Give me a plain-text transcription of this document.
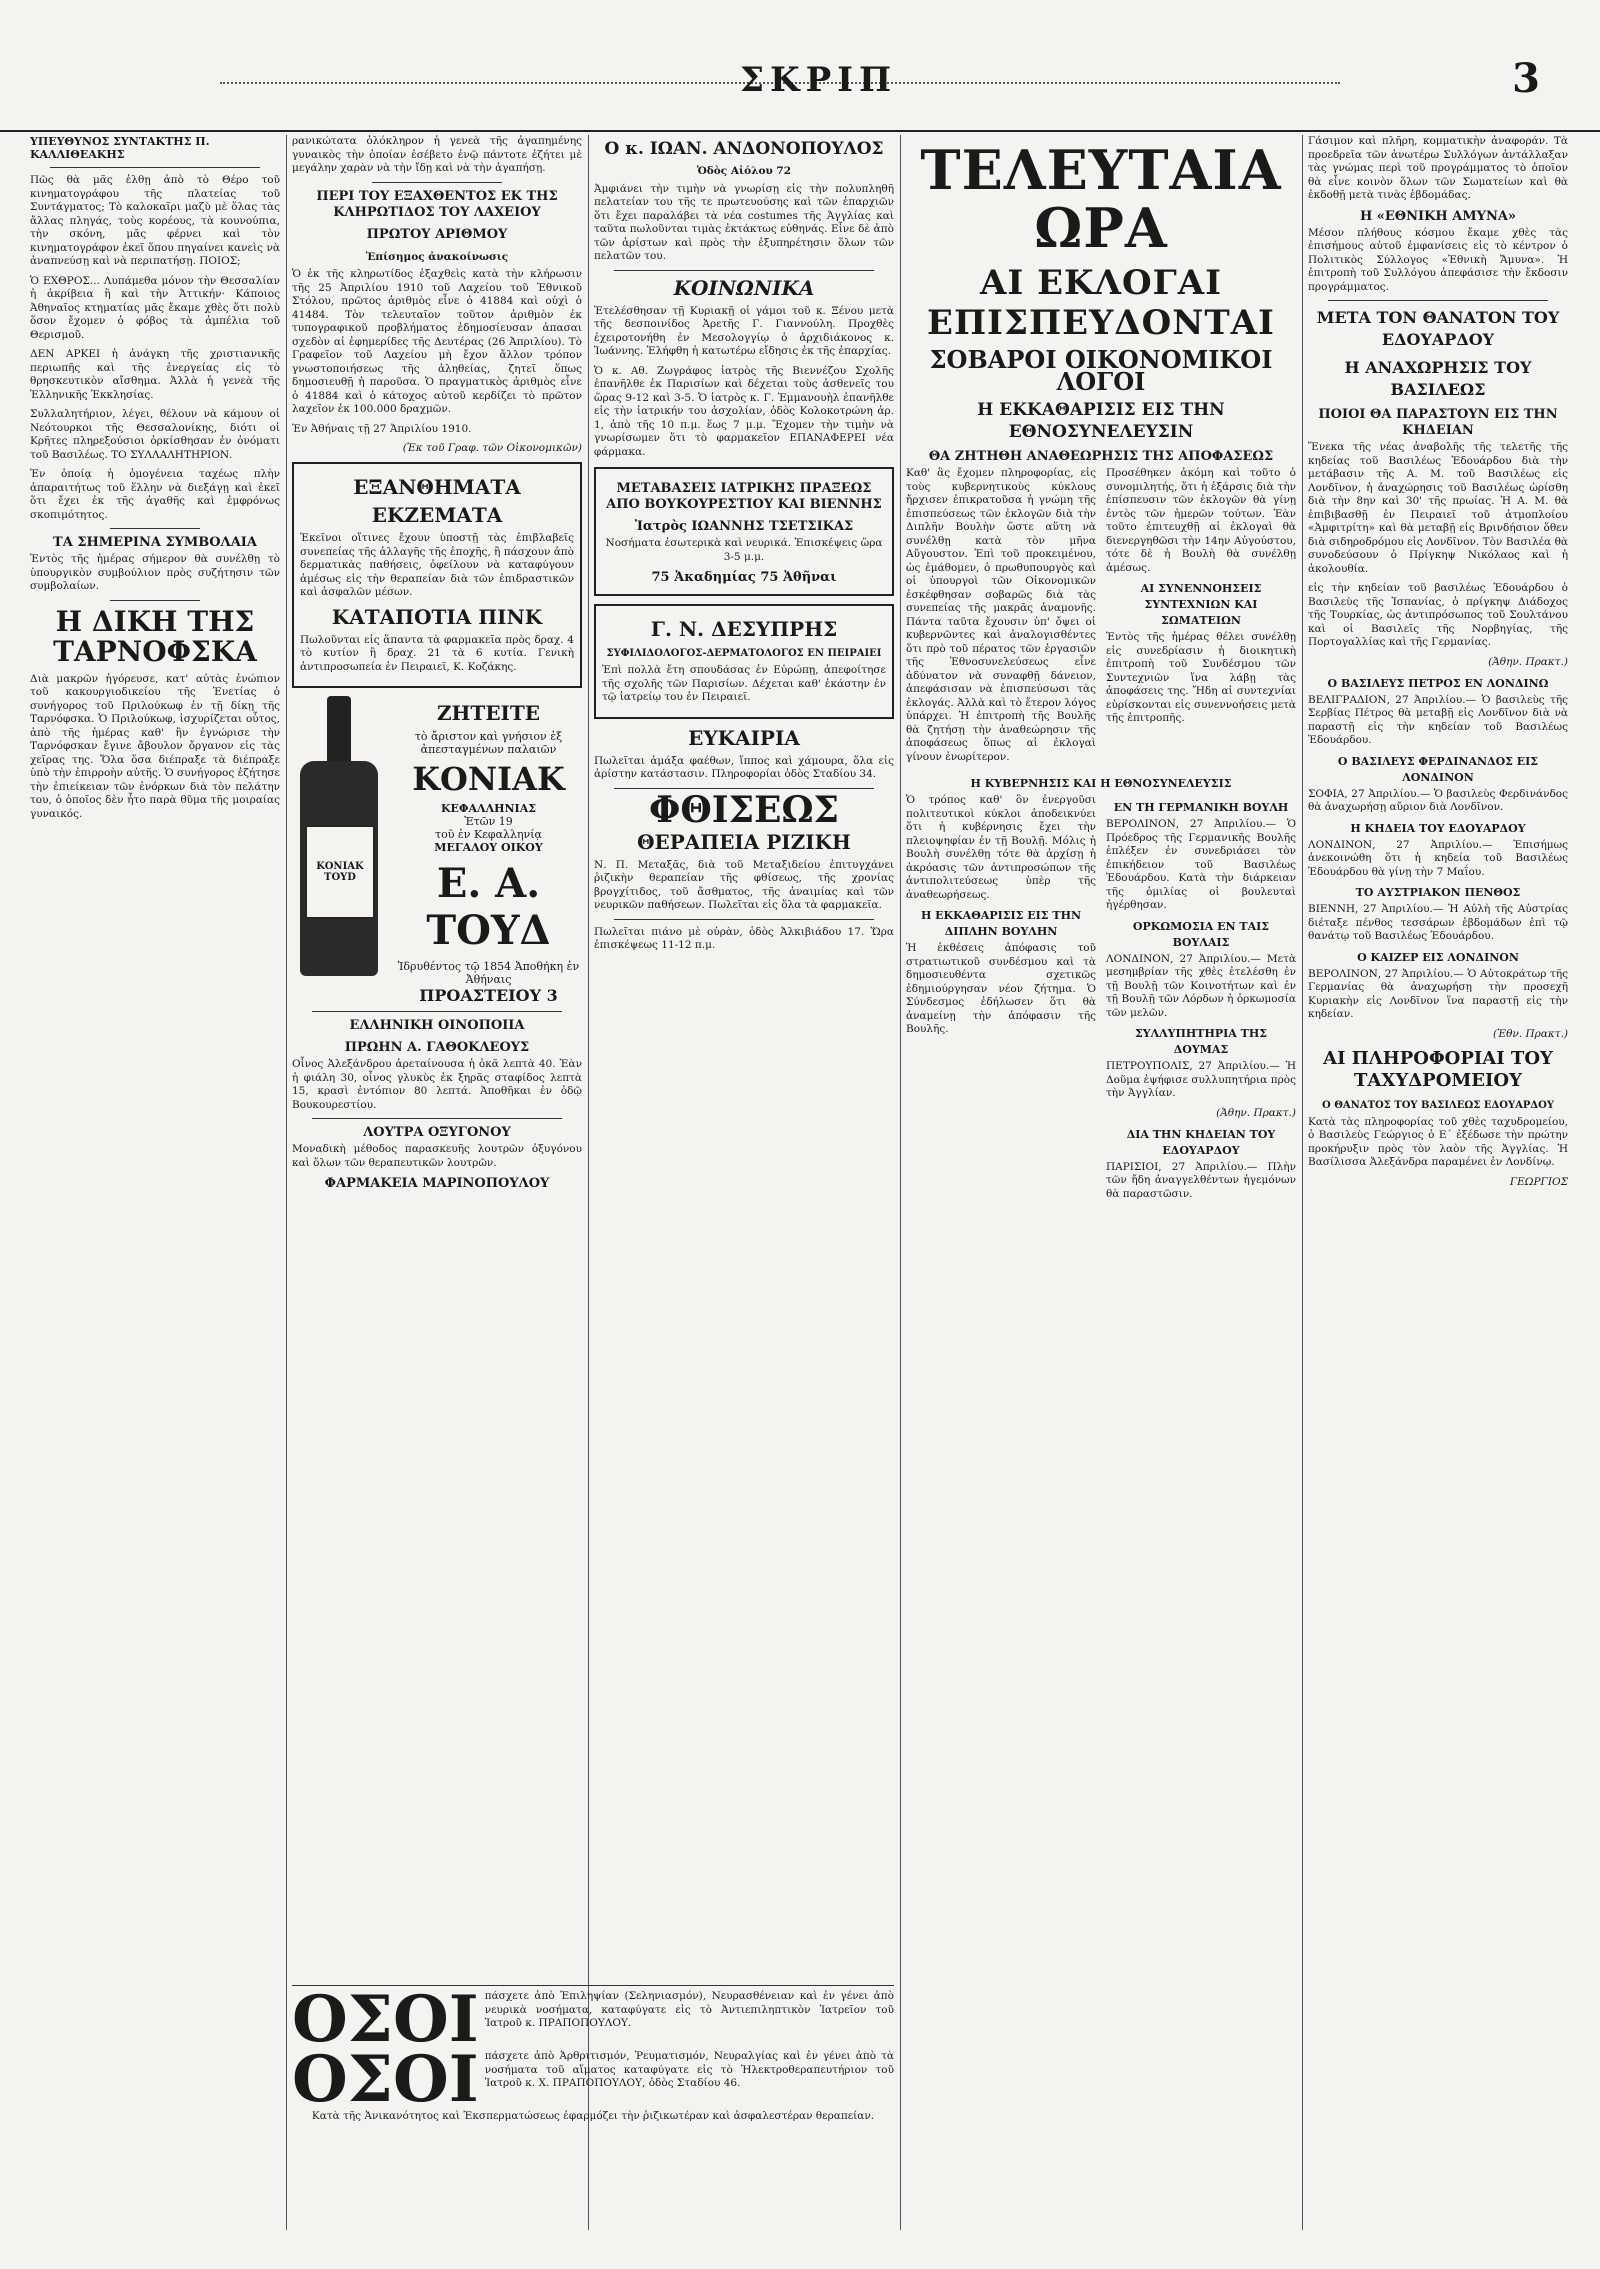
ΣΚΡΙΠ	3
ΥΠΕΥΘΥΝΟΣ ΣΥΝΤΑΚΤΗΣ Π. ΚΑΛΛΙΘΕΑΚΗΣ

Πῶς θὰ μᾶς ἐλθῃ ἀπὸ τὸ Θέρο τοῦ κινηματογράφου τῆς πλατείας τοῦ Συντάγματος; Τὸ καλοκαῖρι μαζὺ μὲ ὅλας τὰς ἄλλας πληγάς, τοὺς κορέους, τὰ κουνούπια, τὴν σκόνη, μᾶς φέρνει καὶ τὸν κινηματογράφον ἐκεῖ ὅπου πηγαίνει κανεὶς νὰ ἀναπνεύσῃ καὶ νὰ περιπατήσῃ. ΠΟΙΟΣ;

Ὁ ΕΧΘΡΟΣ... Λυπάμεθα μόνον τὴν Θεσσαλίαν ἡ ἀκρίβεια ἢ καὶ τὴν Ἀττικήν· Κάποιος Ἀθηναῖος κτηματίας μᾶς ἔκαμε χθὲς ὅτι πολὺ ὅσον ἔχομεν ὁ φόβος τὰ ἀμπέλια τοῦ Θερισμοῦ.

ΔΕΝ ΑΡΚΕΙ ἡ ἀνάγκη τῆς χριστιανικῆς περιωπῆς καὶ τῆς ἐνεργείας εἰς τὸ θρησκευτικὸν αἴσθημα. Ἀλλὰ ἡ γενεὰ τῆς Ἑλληνικῆς Ἐκκλησίας.

Συλλαλητήριον, λέγει, θέλουν νὰ κάμουν οἱ Νεότουρκοι τῆς Θεσσαλονίκης, διότι οἱ Κρῆτες πληρεξούσιοι ὁρκίσθησαν ἐν ὀνόματι τοῦ Βασιλέως. ΤΟ ΣΥΛΛΑΛΗΤΗΡΙΟΝ.

Ἐν ὁποίᾳ ἡ ὁμογένεια ταχέως πλὴν ἀπαραιτήτως τοῦ ἕλλην νὰ διεξάγῃ καὶ ἐκεῖ ὅτι ἔχει ἐκ τῆς ἀγαθῆς καὶ ἐμφρόνως σκοπιμότητος.

ΤΑ ΣΗΜΕΡΙΝΑ ΣΥΜΒΟΛΑΙΑ

Ἐντὸς τῆς ἡμέρας σήμερον θὰ συνέλθῃ τὸ ὑπουργικὸν συμβούλιον πρὸς συζήτησιν τῶν συμβολαίων.

Η ΔΙΚΗ ΤΗΣ ΤΑΡΝΟΦΣΚΑ

Διὰ μακρῶν ἠγόρευσε, κατ' αὐτὰς ἐνώπιον τοῦ κακουργιοδικείου τῆς Ἐνετίας ὁ συνήγορος τοῦ Πριλούκωφ ἐν τῇ δίκῃ τῆς Ταρνόφσκα. Ὁ Πριλούκωφ, ἰσχυρίζεται οὗτος, ἀπὸ τῆς ἡμέρας καθ' ἣν ἐγνώρισε τὴν Ταρνόφσκαν ἔγινε ἄβουλον ὄργανον εἰς τὰς χεῖρας της. Ὅλα ὅσα διέπραξε τὰ διέπραξε ὑπὸ τὴν ἐπιρροὴν αὐτῆς. Ὁ συνήγορος ἐζήτησε τὴν ἐπιείκειαν τῶν ἐνόρκων διὰ τὸν πελάτην του, ὁ ὁποῖος δὲν ἦτο παρὰ θῦμα τῆς μοιραίας γυναικός.

ρανικώτατα ὁλόκληρον ἡ γενεὰ τῆς ἀγαπημένης γυναικὸς τὴν ὁποίαν ἐσέβετο ἐνῷ πάντοτε ἐζήτει μὲ μεγάλην χαρὰν νὰ τὴν ἴδῃ καὶ νὰ τὴν ἀγαπήσῃ.

ΠΕΡΙ ΤΟΥ ΕΞΑΧΘΕΝΤΟΣ ΕΚ ΤΗΣ ΚΛΗΡΩΤΙΔΟΣ ΤΟΥ ΛΑΧΕΙΟΥ
ΠΡΩΤΟΥ ΑΡΙΘΜΟΥ
Ἐπίσημος ἀνακοίνωσις

Ὁ ἐκ τῆς κληρωτίδος ἐξαχθεὶς κατὰ τὴν κλήρωσιν τῆς 25 Ἀπριλίου 1910 τοῦ Λαχείου τοῦ Ἐθνικοῦ Στόλου, πρῶτος ἀριθμὸς εἶνε ὁ 41884 καὶ οὐχὶ ὁ 41484. Τὸν τελευταῖον τοῦτον ἀριθμὸν ἐκ τυπογραφικοῦ προβλήματος ἐδημοσίευσαν ἀπασαι σχεδὸν αἱ ἐφημερίδες τῆς Δευτέρας (26 Ἀπριλίου). Τὸ Γραφεῖον τοῦ Λαχείου μὴ ἔχον ἄλλον τρόπον γνωστοποιήσεως τῆς ἀληθείας, ζητεῖ ὅπως δημοσιευθῇ ἡ παροῦσα. Ὁ πραγματικὸς ἀριθμὸς εἶνε ὁ 41884 καὶ ὁ κάτοχος αὐτοῦ κερδίζει τὸ πρῶτον λαχεῖον ἐκ 100.000 δραχμῶν.

Ἐν Ἀθήναις τῇ 27 Ἀπριλίου 1910.
(Ἐκ τοῦ Γραφ. τῶν Οἰκονομικῶν)
ΕΞΑΝΘΗΜΑΤΑ
ΕΚΖΕΜΑΤΑ

Ἐκεῖνοι οἵτινες ἔχουν ὑποστῇ τὰς ἐπιβλαβεῖς συνεπείας τῆς ἀλλαγῆς τῆς ἐποχῆς, ἢ πάσχουν ἀπὸ δερματικὰς παθήσεις, ὀφείλουν νὰ καταφύγουν ἀμέσως εἰς τὴν θεραπείαν διὰ τῶν ἐπιδραστικῶν καὶ ἀσφαλῶν μέσων.

ΚΑΤΑΠΟΤΙΑ ΠΙΝΚ

Πωλοῦνται εἰς ἅπαντα τὰ φαρμακεῖα πρὸς δραχ. 4 τὸ κυτίον ἢ δραχ. 21 τὰ 6 κυτία. Γενικὴ ἀντιπροσωπεία ἐν Πειραιεῖ, Κ. Κοζάκης.

KONIAK TOYD
ΖΗΤΕΙΤΕ
τὸ ἄριστον καὶ γνήσιον ἐξ ἀπεσταγμένων παλαιῶν
ΚΟΝΙΑΚ
ΚΕΦΑΛΛΗΝΙΑΣ
Ἐτῶν 19
τοῦ ἐν Κεφαλληνίᾳ
ΜΕΓΑΛΟΥ ΟΙΚΟΥ
Ε. Α. ΤΟΥΔ
Ἱδρυθέντος τῷ 1854 Ἀποθήκη ἐν Ἀθήναις
ΠΡΟΑΣΤΕΙΟΥ 3
ΕΛΛΗΝΙΚΗ ΟΙΝΟΠΟΙΙΑ
ΠΡΩΗΝ Α. ΓΑΘΟΚΛΕΟΥΣ

Οἶνος Ἀλεξάνδρου ἀρεταίνουσα ἡ ὀκᾶ λεπτὰ 40. Ἐὰν ἡ φιάλη 30, οἶνος γλυκὺς ἐκ ξηρᾶς σταφίδος λεπτὰ 15, κρασὶ ἐντόπιον 80 λεπτά. Ἀποθῆκαι ἐν ὁδῷ Βουκουρεστίου.

ΛΟΥΤΡΑ ΟΞΥΓΟΝΟΥ

Μοναδικὴ μέθοδος παρασκευῆς λουτρῶν ὀξυγόνου καὶ ὅλων τῶν θεραπευτικῶν λουτρῶν.

ΦΑΡΜΑΚΕΙΑ ΜΑΡΙΝΟΠΟΥΛΟΥ
Ο κ. ΙΩΑΝ. ΑΝΔΟΝΟΠΟΥΛΟΣ
Ὁδὸς Αἰόλου 72

Ἀμφιάνει τὴν τιμὴν νὰ γνωρίσῃ εἰς τὴν πολυπληθῆ πελατείαν του τῆς τε πρωτευούσης καὶ τῶν ἐπαρχιῶν ὅτι ἔχει παραλάβει τὰ νέα costumes τῆς Ἀγγλίας καὶ ταῦτα πωλοῦνται τιμὰς ἐκτάκτως εὐθηνάς. Εἶνε δὲ ἀπὸ τῶν ἀρίστων καὶ πρὸς τὴν ἐξυπηρέτησιν ὅλων τῶν πελατῶν του.

ΚΟΙΝΩΝΙΚΑ

Ἐτελέσθησαν τῇ Κυριακῇ οἱ γάμοι τοῦ κ. Ξένου μετὰ τῆς δεσποινίδος Ἀρετῆς Γ. Γιαννούλη. Προχθὲς ἐχειροτονήθη ἐν Μεσολογγίῳ ὁ ἀρχιδιάκονος κ. Ἰωάννης. Ἐλήφθη ἡ κατωτέρω εἴδησις ἐκ τῆς ἐπαρχίας.

Ὁ κ. Αθ. Ζωγράφος ἰατρὸς τῆς Βιεννέζου Σχολῆς ἐπανῆλθε ἐκ Παρισίων καὶ δέχεται τοὺς ἀσθενεῖς του ὥρας 9-12 καὶ 3-5. Ὁ ἰατρὸς κ. Γ. Ἐμμανουὴλ ἐπανῆλθε εἰς τὴν ἰατρικήν του ἀσχολίαν, ὁδὸς Κολοκοτρώνη ἀρ. 1, ἀπὸ τῆς 10 π.μ. ἕως 7 μ.μ. Ἔχομεν τὴν τιμὴν νὰ γνωρίσωμεν ὅτι τὸ φαρμακεῖον ΕΠΑΝΑΦΕΡΕΙ νέα φάρμακα.

ΜΕΤΑΒΑΣΕΙΣ ΙΑΤΡΙΚΗΣ ΠΡΑΞΕΩΣ ΑΠΟ ΒΟΥΚΟΥΡΕΣΤΙΟΥ ΚΑΙ ΒΙΕΝΝΗΣ
Ἰατρὸς ΙΩΑΝΝΗΣ ΤΣΕΤΣΙΚΑΣ

Νοσήματα ἐσωτερικὰ καὶ νευρικά. Ἐπισκέψεις ὥρα 3-5 μ.μ.

75 Ἀκαδημίας 75 Ἀθῆναι
Γ. Ν. ΔΕΣΥΠΡΗΣ
ΣΥΦΙΛΙΔΟΛΟΓΟΣ-ΔΕΡΜΑΤΟΛΟΓΟΣ ΕΝ ΠΕΙΡΑΙΕΙ

Ἐπὶ πολλὰ ἔτη σπουδάσας ἐν Εὐρώπῃ, ἀπεφοίτησε τῆς σχολῆς τῶν Παρισίων. Δέχεται καθ' ἑκάστην ἐν τῷ ἰατρείῳ του ἐν Πειραιεῖ.

ΕΥΚΑΙΡΙΑ

Πωλεῖται ἁμάξα φαέθων, ἵππος καὶ χάμουρα, ὅλα εἰς ἀρίστην κατάστασιν. Πληροφορίαι ὁδὸς Σταδίου 34.

ΦΘΙΣΕΩΣ
ΘΕΡΑΠΕΙΑ ΡΙΖΙΚΗ

Ν. Π. Μεταξᾶς, διὰ τοῦ Μεταξιδείου ἐπιτυγχάνει ῥιζικὴν θεραπείαν τῆς φθίσεως, τῆς χρονίας βρογχίτιδος, τοῦ ἄσθματος, τῆς ἀναιμίας καὶ τῶν νευρικῶν παθήσεων. Πωλεῖται εἰς ὅλα τὰ φαρμακεῖα.

Πωλεῖται πιάνο μὲ οὐρὰν, ὁδὸς Ἀλκιβιάδου 17. Ὥρα ἐπισκέψεως 11-12 π.μ.

ΤΕΛΕΥΤΑΙΑ ΩΡΑ
ΑΙ ΕΚΛΟΓΑΙ ΕΠΙΣΠΕΥΔΟΝΤΑΙ
ΣΟΒΑΡΟΙ ΟΙΚΟΝΟΜΙΚΟΙ ΛΟΓΟΙ
Η ΕΚΚΑΘΑΡΙΣΙΣ ΕΙΣ ΤΗΝ ΕΘΝΟΣΥΝΕΛΕΥΣΙΝ
ΘΑ ΖΗΤΗΘΗ ΑΝΑΘΕΩΡΗΣΙΣ ΤΗΣ ΑΠΟΦΑΣΕΩΣ

Καθ' ἃς ἔχομεν πληροφορίας, εἰς τοὺς κυβερνητικοὺς κύκλους ἤρχισεν ἐπικρατοῦσα ἡ γνώμη τῆς ἐπισπεύσεως τῶν ἐκλογῶν διὰ τὴν Διπλῆν Βουλὴν ὥστε αὕτη νὰ συνέλθῃ κατὰ τὸν μῆνα Αὔγουστον. Ἐπὶ τοῦ προκειμένου, ὡς ἐμάθομεν, ὁ πρωθυπουργὸς καὶ οἱ ὑπουργοὶ τῶν Οἰκονομικῶν ἐσκέφθησαν σοβαρῶς διὰ τὰς συνεπείας τῆς μακρᾶς ἀναμονῆς. Πάντα ταῦτα ἔχουσιν ὑπ' ὄψει οἱ κυβερνῶντες καὶ ἀναλογισθέντες ὅτι πρὸ τοῦ πέρατος τῶν ἐργασιῶν τῆς Ἐθνοσυνελεύσεως εἶνε ἀδύνατον νὰ συναφθῇ δάνειον, ἀπεφάσισαν νὰ ἐπισπεύσωσι τὰς ἐκλογάς. Ἀλλὰ καὶ τὸ ἕτερον λόγος ὑπάρχει. Ἡ ἐπιτροπὴ τῆς Βουλῆς θὰ ζητήσῃ τὴν ἀναθεώρησιν τῆς ἀποφάσεως ὅπως αἱ ἐκλογαὶ γίνουν ἐνωρίτερον.

Προσέθηκεν ἀκόμη καὶ τοῦτο ὁ συνομιλητής, ὅτι ἡ ἐξάρσις διὰ τὴν ἐπίσπευσιν τῶν ἐκλογῶν θὰ γίνῃ ἐντὸς τῶν ἡμερῶν τούτων. Ἐὰν τοῦτο ἐπιτευχθῇ αἱ ἐκλογαὶ θὰ διενεργηθῶσι τὴν 14ην Αὐγούστου, τότε δὲ ἡ Βουλὴ θὰ συνέλθῃ ἀμέσως.

ΑΙ ΣΥΝΕΝΝΟΗΣΕΙΣ ΣΥΝΤΕΧΝΙΩΝ ΚΑΙ ΣΩΜΑΤΕΙΩΝ

Ἐντὸς τῆς ἡμέρας θέλει συνέλθῃ εἰς συνεδρίασιν ἡ διοικητικὴ ἐπιτροπὴ τοῦ Συνδέσμου τῶν Συντεχνιῶν ἵνα λάβῃ τὰς ἀποφάσεις της. Ἤδη αἱ συντεχνίαι εὑρίσκονται εἰς συνεννοήσεις μετὰ τῆς ἐπιτροπῆς.

Η ΚΥΒΕΡΝΗΣΙΣ ΚΑΙ Η ΕΘΝΟΣΥΝΕΛΕΥΣΙΣ

Ὁ τρόπος καθ' ὃν ἐνεργοῦσι πολιτευτικοὶ κύκλοι ἀποδεικνύει ὅτι ἡ κυβέρνησις ἔχει τὴν πλειοψηφίαν ἐν τῇ Βουλῇ. Μόλις ἡ Βουλὴ συνέλθῃ τότε θὰ ἀρχίσῃ ἡ ἀκρόασις τῶν ἀντιπροσώπων τῆς ἀντιπολιτεύσεως ὑπὲρ τῆς ἀναθεωρήσεως.

Η ΕΚΚΑΘΑΡΙΣΙΣ ΕΙΣ ΤΗΝ ΔΙΠΛΗΝ ΒΟΥΛΗΝ

Ἡ ἐκθέσεις ἀπόφασις τοῦ στρατιωτικοῦ συνδέσμου καὶ τὰ δημοσιευθέντα σχετικῶς ἐδημιούργησαν νέον ζήτημα. Ὁ Σύνδεσμος ἐδήλωσεν ὅτι θὰ ἀναμείνῃ τὴν ἀπόφασιν τῆς Βουλῆς.

ΕΝ ΤΗ ΓΕΡΜΑΝΙΚΗ ΒΟΥΛΗ

ΒΕΡΟΛΙΝΟΝ, 27 Ἀπριλίου.— Ὁ Πρόεδρος τῆς Γερμανικῆς Βουλῆς ἐπλέξεν ἐν συνεδριάσει τὸν ἐπικήδειον τοῦ Βασιλέως Ἐδουάρδου. Κατὰ τὴν διάρκειαν τῆς ὁμιλίας οἱ βουλευταὶ ἠγέρθησαν.

ΟΡΚΩΜΟΣΙΑ ΕΝ ΤΑΙΣ ΒΟΥΛΑΙΣ

ΛΟΝΔΙΝΟΝ, 27 Ἀπριλίου.— Μετὰ μεσημβρίαν τῆς χθὲς ἐτελέσθη ἐν τῇ Βουλῇ τῶν Κοινοτήτων καὶ ἐν τῇ Βουλῇ τῶν Λόρδων ἡ ὁρκωμοσία τῶν μελῶν.

ΣΥΛΛΥΠΗΤΗΡΙΑ ΤΗΣ ΔΟΥΜΑΣ

ΠΕΤΡΟΥΠΟΛΙΣ, 27 Ἀπριλίου.— Ἡ Δοῦμα ἐψήφισε συλλυπητήρια πρὸς τὴν Ἀγγλίαν.

(Ἀθην. Πρακτ.)
ΔΙΑ ΤΗΝ ΚΗΔΕΙΑΝ ΤΟΥ ΕΔΟΥΑΡΔΟΥ

ΠΑΡΙΣΙΟΙ, 27 Ἀπριλίου.— Πλὴν τῶν ἤδη ἀναγγελθέντων ἡγεμόνων θὰ παραστῶσιν.

Γάσιμον καὶ πλῆρη, κομματικὴν ἀναφοράν. Τὰ προεδρεῖα τῶν ἀνωτέρω Συλλόγων ἀντάλλαξαν τὰς γνώμας περὶ τοῦ προγράμματος τὸ ὁποῖον θὰ εἶνε κοινὸν ὅλων τῶν Σωματείων καὶ θὰ ἐκδοθῇ μετὰ τινὰς ἑβδομάδας.

Η «ΕΘΝΙΚΗ ΑΜΥΝΑ»

Μέσον πλήθους κόσμου ἔκαμε χθὲς τὰς ἐπισήμους αὐτοῦ ἐμφανίσεις εἰς τὸ κέντρον ὁ Πολιτικὸς Σύλλογος «Ἐθνικὴ Ἄμυνα». Ἡ ἐπιτροπὴ τοῦ Συλλόγου ἀπεφάσισε τὴν ἔκδοσιν προγράμματος.

ΜΕΤΑ ΤΟΝ ΘΑΝΑΤΟΝ ΤΟΥ ΕΔΟΥΑΡΔΟΥ
Η ΑΝΑΧΩΡΗΣΙΣ ΤΟΥ ΒΑΣΙΛΕΩΣ
ΠΟΙΟΙ ΘΑ ΠΑΡΑΣΤΟΥΝ ΕΙΣ ΤΗΝ ΚΗΔΕΙΑΝ

Ἕνεκα τῆς νέας ἀναβολῆς τῆς τελετῆς τῆς κηδείας τοῦ Βασιλέως Ἐδουάρδου διὰ τὴν μετάβασιν τῆς Α. Μ. τοῦ Βασιλέως εἰς Λονδῖνον, ἡ ἀναχώρησις τοῦ Βασιλέως ὡρίσθη διὰ τὴν 8ην καὶ 30' τῆς πρωίας. Ἡ Α. Μ. θὰ ἐπιβιβασθῇ ἐν Πειραιεῖ τοῦ ἀτμοπλοίου «Ἀμφιτρίτη» καὶ θὰ μεταβῇ εἰς Βρινδήσιον ὅθεν διὰ σιδηροδρόμου εἰς Λονδῖνον. Τὸν Βασιλέα θὰ συνοδεύσουν ὁ Πρίγκηψ Νικόλαος καὶ ἡ ἀκολουθία.

εἰς τὴν κηδείαν τοῦ βασιλέως Ἐδουάρδου ὁ Βασιλεὺς τῆς Ἰσπανίας, ὁ πρίγκηψ Διάδοχος τῆς Τουρκίας, ὡς ἀντιπρόσωπος τοῦ Σουλτάνου καὶ οἱ Βασιλεῖς τῆς Νορβηγίας, τῆς Πορτογαλλίας καὶ τῆς Γερμανίας.

(Ἀθην. Πρακτ.)
Ο ΒΑΣΙΛΕΥΣ ΠΕΤΡΟΣ ΕΝ ΛΟΝΔΙΝΩ

ΒΕΛΙΓΡΑΔΙΟΝ, 27 Ἀπριλίου.— Ὁ βασιλεὺς τῆς Σερβίας Πέτρος θὰ μεταβῇ εἰς Λονδῖνον διὰ νὰ παραστῇ εἰς τὴν κηδείαν τοῦ Βασιλέως Ἐδουάρδου.

Ο ΒΑΣΙΛΕΥΣ ΦΕΡΔΙΝΑΝΔΟΣ ΕΙΣ ΛΟΝΔΙΝΟΝ

ΣΟΦΙΑ, 27 Ἀπριλίου.— Ὁ βασιλεὺς Φερδινάνδος θὰ ἀναχωρήσῃ αὔριον διὰ Λονδῖνον.

Η ΚΗΔΕΙΑ ΤΟΥ ΕΔΟΥΑΡΔΟΥ

ΛΟΝΔΙΝΟΝ, 27 Ἀπριλίου.— Ἐπισήμως ἀνεκοινώθη ὅτι ἡ κηδεία τοῦ Βασιλέως Ἐδουάρδου θὰ γίνῃ τὴν 7 Μαΐου.

ΤΟ ΑΥΣΤΡΙΑΚΟΝ ΠΕΝΘΟΣ

ΒΙΕΝΝΗ, 27 Ἀπριλίου.— Ἡ Αὐλὴ τῆς Αὐστρίας διέταξε πένθος τεσσάρων ἑβδομάδων ἐπὶ τῷ θανάτῳ τοῦ Βασιλέως Ἐδουάρδου.

Ο ΚΑΙΖΕΡ ΕΙΣ ΛΟΝΔΙΝΟΝ

ΒΕΡΟΛΙΝΟΝ, 27 Ἀπριλίου.— Ὁ Αὐτοκράτωρ τῆς Γερμανίας θὰ ἀναχωρήσῃ τὴν προσεχῆ Κυριακὴν εἰς Λονδῖνον ἵνα παραστῇ εἰς τὴν κηδείαν.

(Ἐθν. Πρακτ.)
ΑΙ ΠΛΗΡΟΦΟΡΙΑΙ ΤΟΥ ΤΑΧΥΔΡΟΜΕΙΟΥ
Ο ΘΑΝΑΤΟΣ ΤΟΥ ΒΑΣΙΛΕΩΣ ΕΔΟΥΑΡΔΟΥ

Κατὰ τὰς πληροφορίας τοῦ χθὲς ταχυδρομείου, ὁ Βασιλεὺς Γεώργιος ὁ Ε΄ ἐξέδωσε τὴν πρώτην προκήρυξιν πρὸς τὸν λαὸν τῆς Ἀγγλίας. Ἡ Βασίλισσα Ἀλεξάνδρα παραμένει ἐν Λονδίνῳ.

ΓΕΩΡΓΙΟΣ
ΟΣΟΙ πάσχετε ἀπὸ Ἐπιληψίαν (Σεληνιασμόν), Νευρασθένειαν καὶ ἐν γένει ἀπὸ νευρικὰ νοσήματα, καταφύγατε εἰς τὸ Ἀντιεπιληπτικὸν Ἰατρεῖον τοῦ Ἰατροῦ κ. ΠΡΑΠΟΠΟΥΛΟΥ.

ΟΣΟΙ πάσχετε ἀπὸ Ἀρθριτισμόν, Ῥευματισμόν, Νευραλγίας καὶ ἐν γένει ἀπὸ τὰ νοσήματα τοῦ αἵματος καταφύγατε εἰς τὸ Ἠλεκτροθεραπευτήριον τοῦ Ἰατροῦ κ. Χ. ΠΡΑΠΟΠΟΥΛΟΥ, ὁδὸς Σταδίου 46.

Κατὰ τῆς Ἀνικανότητος καὶ Ἐκσπερματώσεως ἐφαρμόζει τὴν ῥιζικωτέραν καὶ ἀσφαλεστέραν θεραπείαν.
